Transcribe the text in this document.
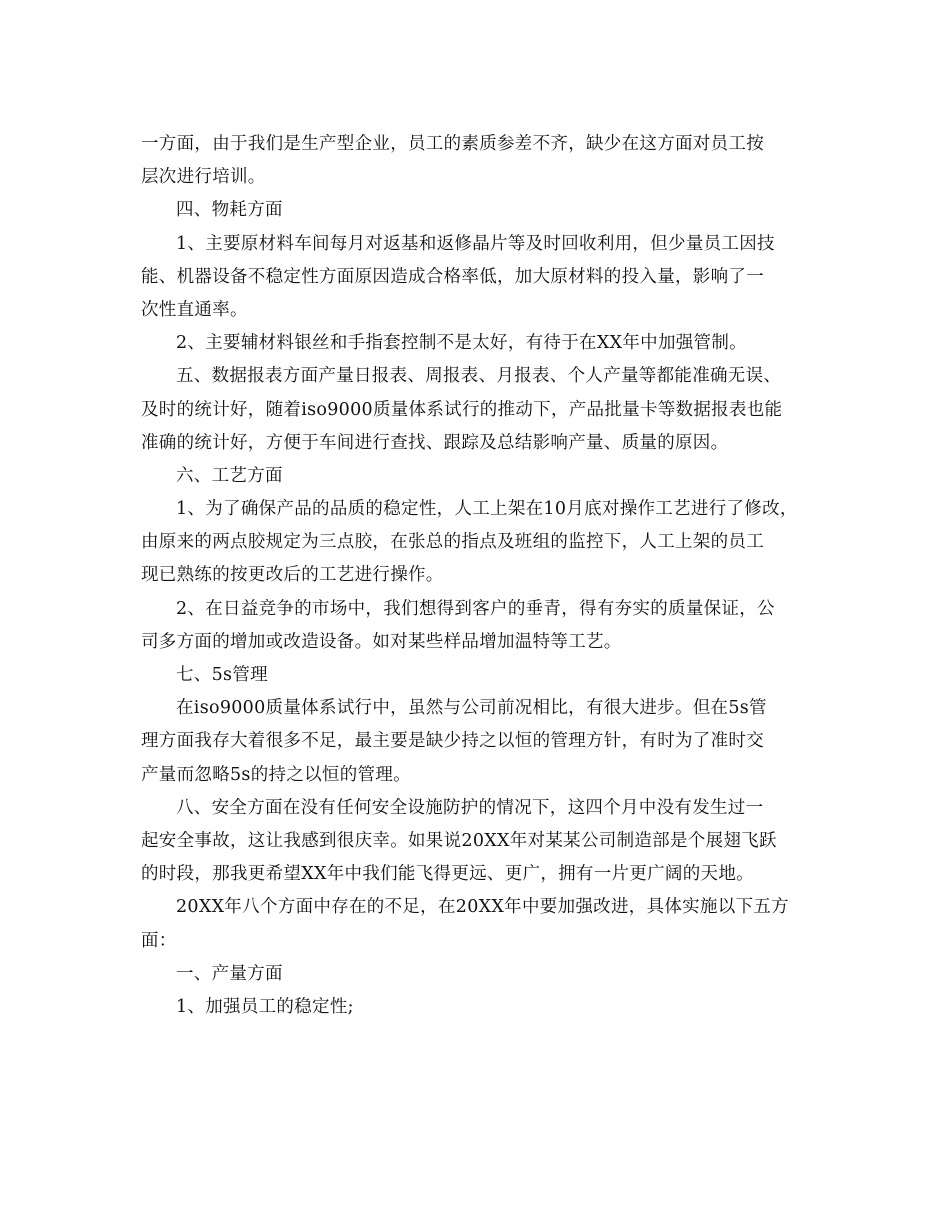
一方面，由于我们是生产型企业，员工的素质参差不齐，缺少在这方面对员工按
层次进行培训。
四、物耗方面
1、主要原材料车间每月对返基和返修晶片等及时回收利用，但少量员工因技
能、机器设备不稳定性方面原因造成合格率低，加大原材料的投入量，影响了一
次性直通率。
2、主要辅材料银丝和手指套控制不是太好，有待于在XX年中加强管制。
五、数据报表方面产量日报表、周报表、月报表、个人产量等都能准确无误、
及时的统计好，随着iso9000质量体系试行的推动下，产品批量卡等数据报表也能
准确的统计好，方便于车间进行查找、跟踪及总结影响产量、质量的原因。
六、工艺方面
1、为了确保产品的品质的稳定性，人工上架在10月底对操作工艺进行了修改，
由原来的两点胶规定为三点胶，在张总的指点及班组的监控下，人工上架的员工
现已熟练的按更改后的工艺进行操作。
2、在日益竞争的市场中，我们想得到客户的垂青，得有夯实的质量保证，公
司多方面的增加或改造设备。如对某些样品增加温特等工艺。
七、5s管理
在iso9000质量体系试行中，虽然与公司前况相比，有很大进步。但在5s管
理方面我存大着很多不足，最主要是缺少持之以恒的管理方针，有时为了准时交
产量而忽略5s的持之以恒的管理。
八、安全方面在没有任何安全设施防护的情况下，这四个月中没有发生过一
起安全事故，这让我感到很庆幸。如果说20XX年对某某公司制造部是个展翅飞跃
的时段，那我更希望XX年中我们能飞得更远、更广，拥有一片更广阔的天地。
20XX年八个方面中存在的不足，在20XX年中要加强改进，具体实施以下五方
面：
一、产量方面
1、加强员工的稳定性;
